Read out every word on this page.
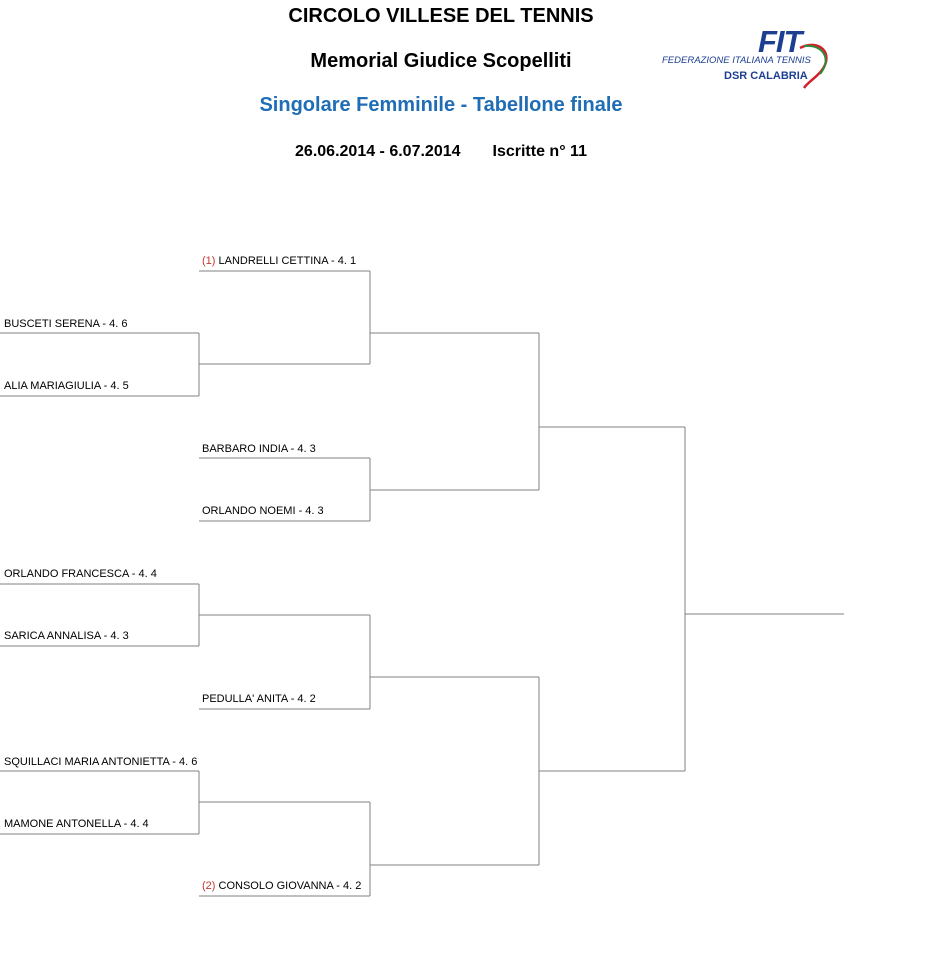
CIRCOLO VILLESE DEL TENNIS
Memorial Giudice Scopelliti
Singolare Femminile - Tabellone finale
26.06.2014 - 6.07.2014 Iscritte n° 11
FIT
FEDERAZIONE ITALIANA TENNIS
DSR CALABRIA
(1) LANDRELLI CETTINA - 4. 1
BUSCETI SERENA - 4. 6
ALIA MARIAGIULIA - 4. 5
BARBARO INDIA - 4. 3
ORLANDO NOEMI - 4. 3
ORLANDO FRANCESCA - 4. 4
SARICA ANNALISA - 4. 3
PEDULLA' ANITA - 4. 2
SQUILLACI MARIA ANTONIETTA - 4. 6
MAMONE ANTONELLA - 4. 4
(2) CONSOLO GIOVANNA - 4. 2
